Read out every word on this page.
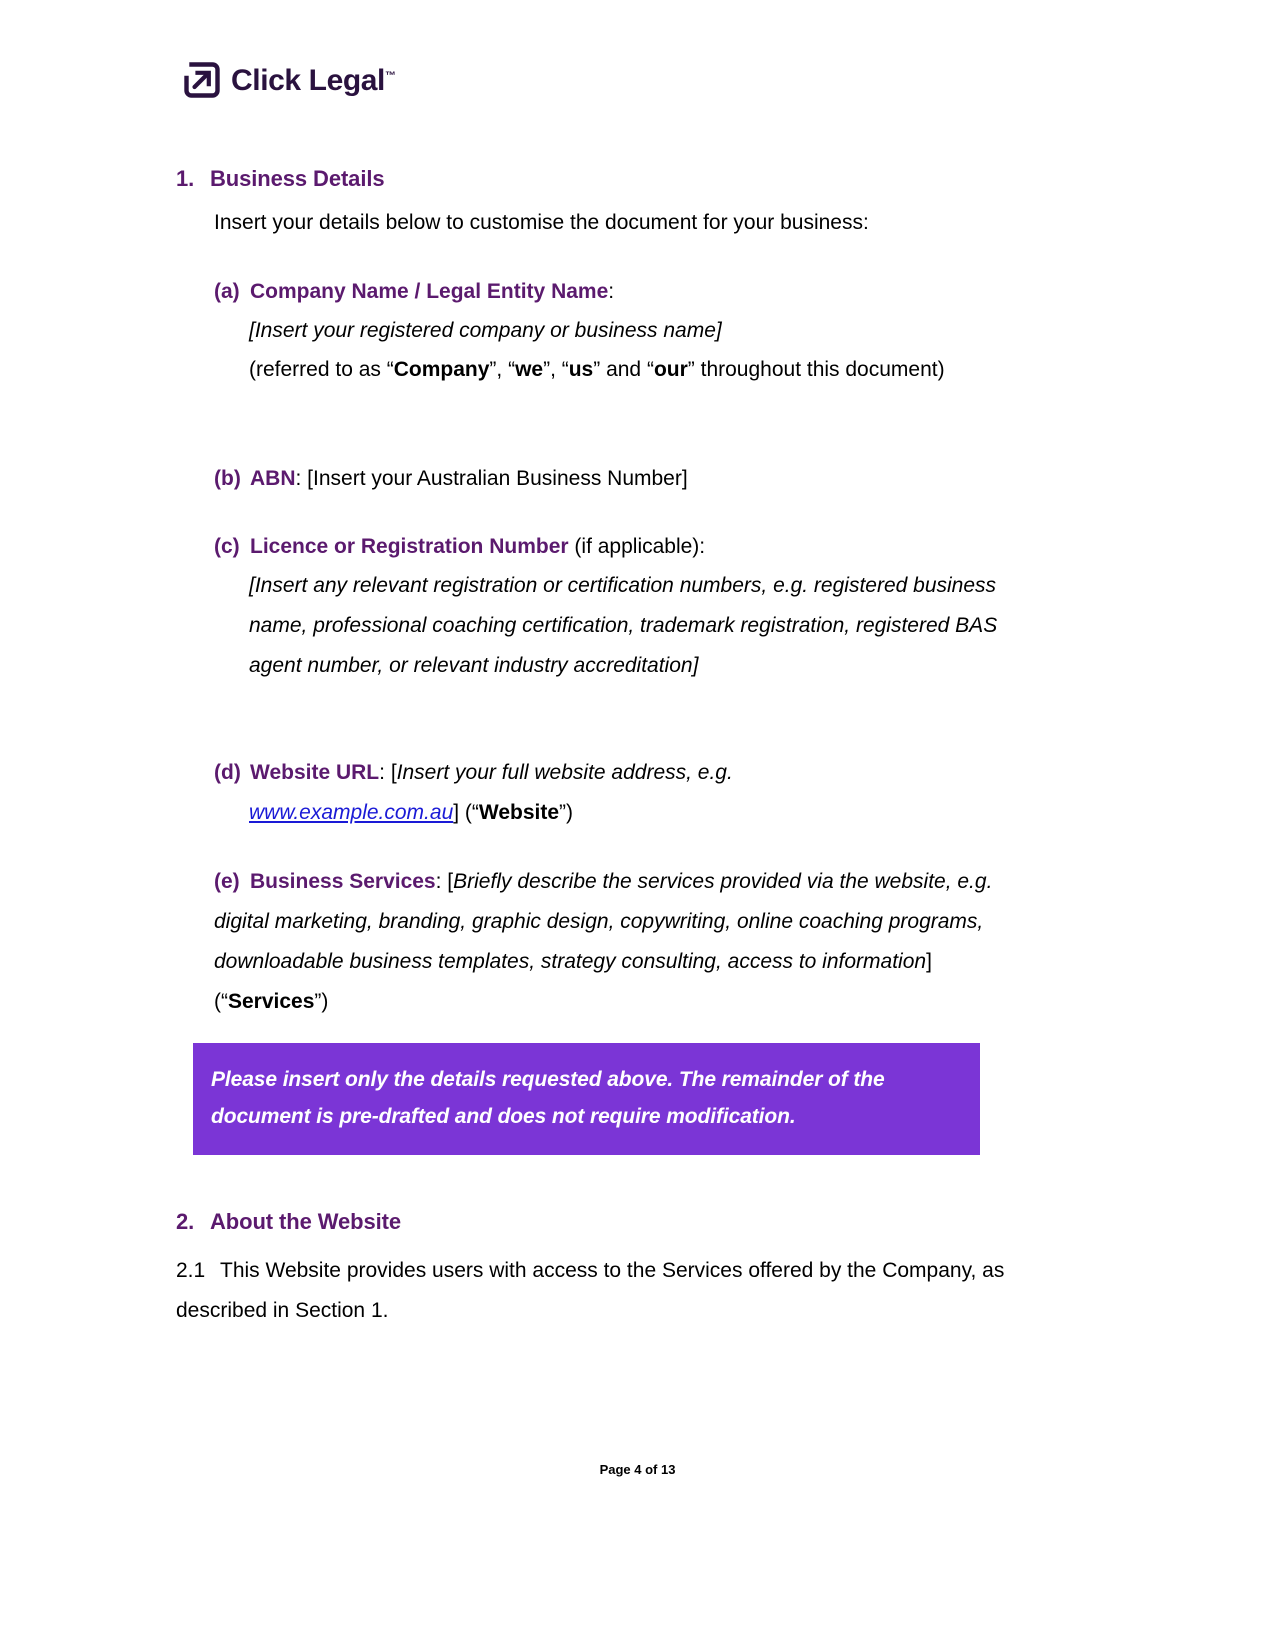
Click Legal™
1. Business Details
Insert your details below to customise the document for your business:
(a) Company Name / Legal Entity Name:
[Insert your registered company or business name]
(referred to as “Company”, “we”, “us” and “our” throughout this document)
(b) ABN: [Insert your Australian Business Number]
(c) Licence or Registration Number (if applicable):
[Insert any relevant registration or certification numbers, e.g. registered business name, professional coaching certification, trademark registration, registered BAS agent number, or relevant industry accreditation]
(d) Website URL: [Insert your full website address, e.g.
www.example.com.au] (“Website”)
(e) Business Services: [Briefly describe the services provided via the website, e.g. digital marketing, branding, graphic design, copywriting, online coaching programs, downloadable business templates, strategy consulting, access to information] (“Services”)
Please insert only the details requested above. The remainder of the document is pre-drafted and does not require modification.
2. About the Website
2.1 This Website provides users with access to the Services offered by the Company, as described in Section 1.
Page 4 of 13
